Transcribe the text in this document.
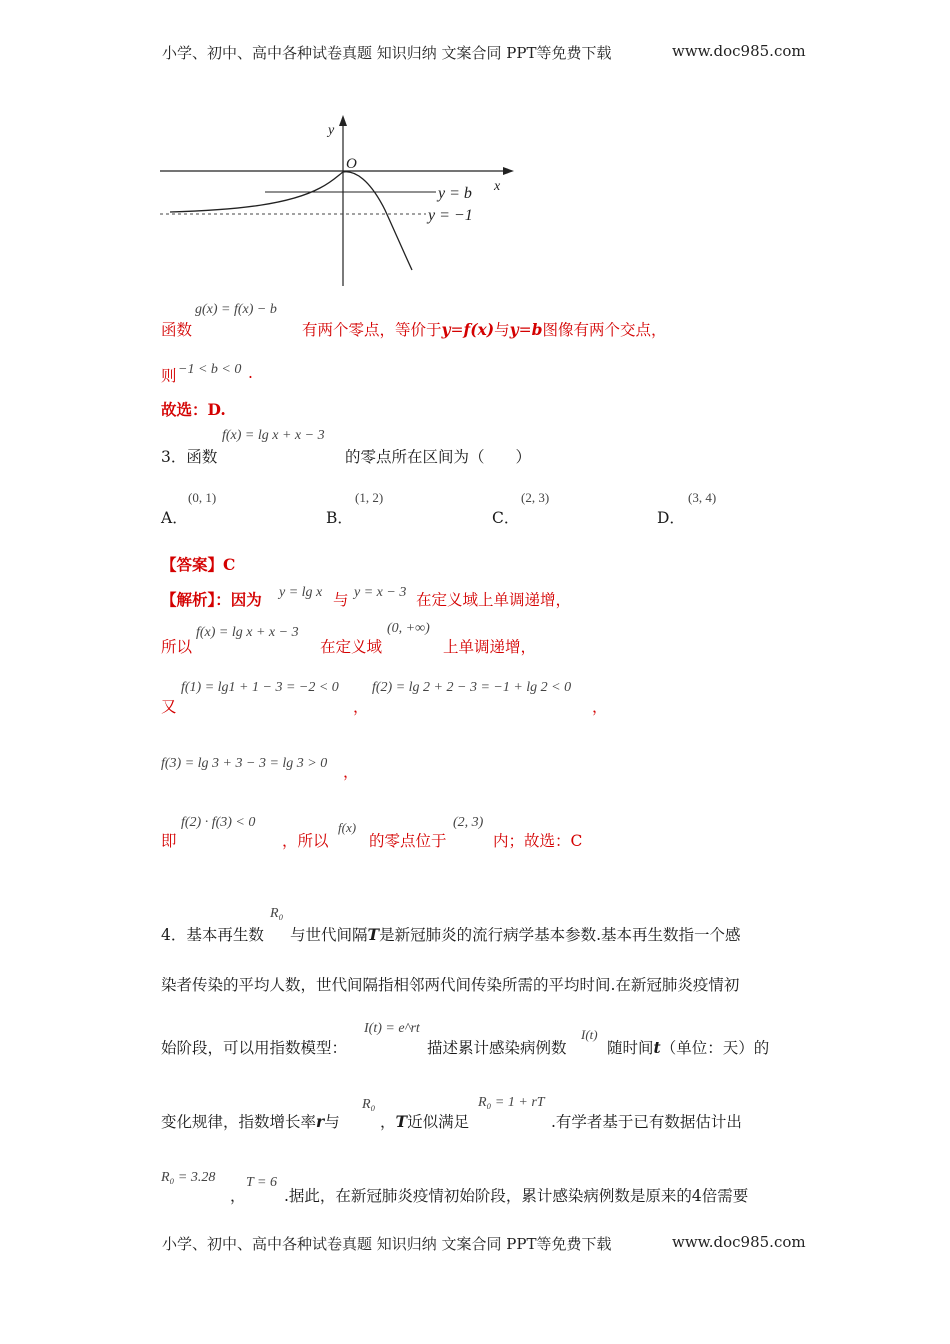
小学、初中、高中各种试卷真题 知识归纳 文案合同 PPT等免费下载	www.doc985.com
y
O
x
y = b
y = −1
函数
g(x) = f(x) − b
有两个零点，等价于y=f(x)与y=b图像有两个交点，
则 −1 < b < 0 .
故选：D.
3．函数
f(x) = lg x + x − 3
的零点所在区间为（　　）
A．
(0, 1)
B．
(1, 2)
C．
(2, 3)
D．
(3, 4)
【答案】C
【解析】：因为 y = lg x 与 y = x − 3 在定义域上单调递增，
所以
f(x) = lg x + x − 3
在定义域
(0, +∞)
上单调递增，
又
f(1) = lg1 + 1 − 3 = −2 < 0
，
f(2) = lg 2 + 2 − 3 = −1 + lg 2 < 0
，
f(3) = lg 3 + 3 − 3 = lg 3 > 0 ，
即
f(2) · f(3) < 0
，所以
f(x)
的零点位于
(2, 3)
内；故选：C
4．基本再生数
R₀
与世代间隔T是新冠肺炎的流行病学基本参数.基本再生数指一个感
染者传染的平均人数，世代间隔指相邻两代间传染所需的平均时间.在新冠肺炎疫情初
始阶段，可以用指数模型：
I(t) = e^rt
描述累计感染病例数
I(t)
随时间t（单位：天）的
变化规律，指数增长率r与
R₀
，T近似满足
R₀ = 1 + rT
.有学者基于已有数据估计出
R₀ = 3.28
，
T = 6
.据此，在新冠肺炎疫情初始阶段，累计感染病例数是原来的4倍需要
小学、初中、高中各种试卷真题 知识归纳 文案合同 PPT等免费下载	www.doc985.com
